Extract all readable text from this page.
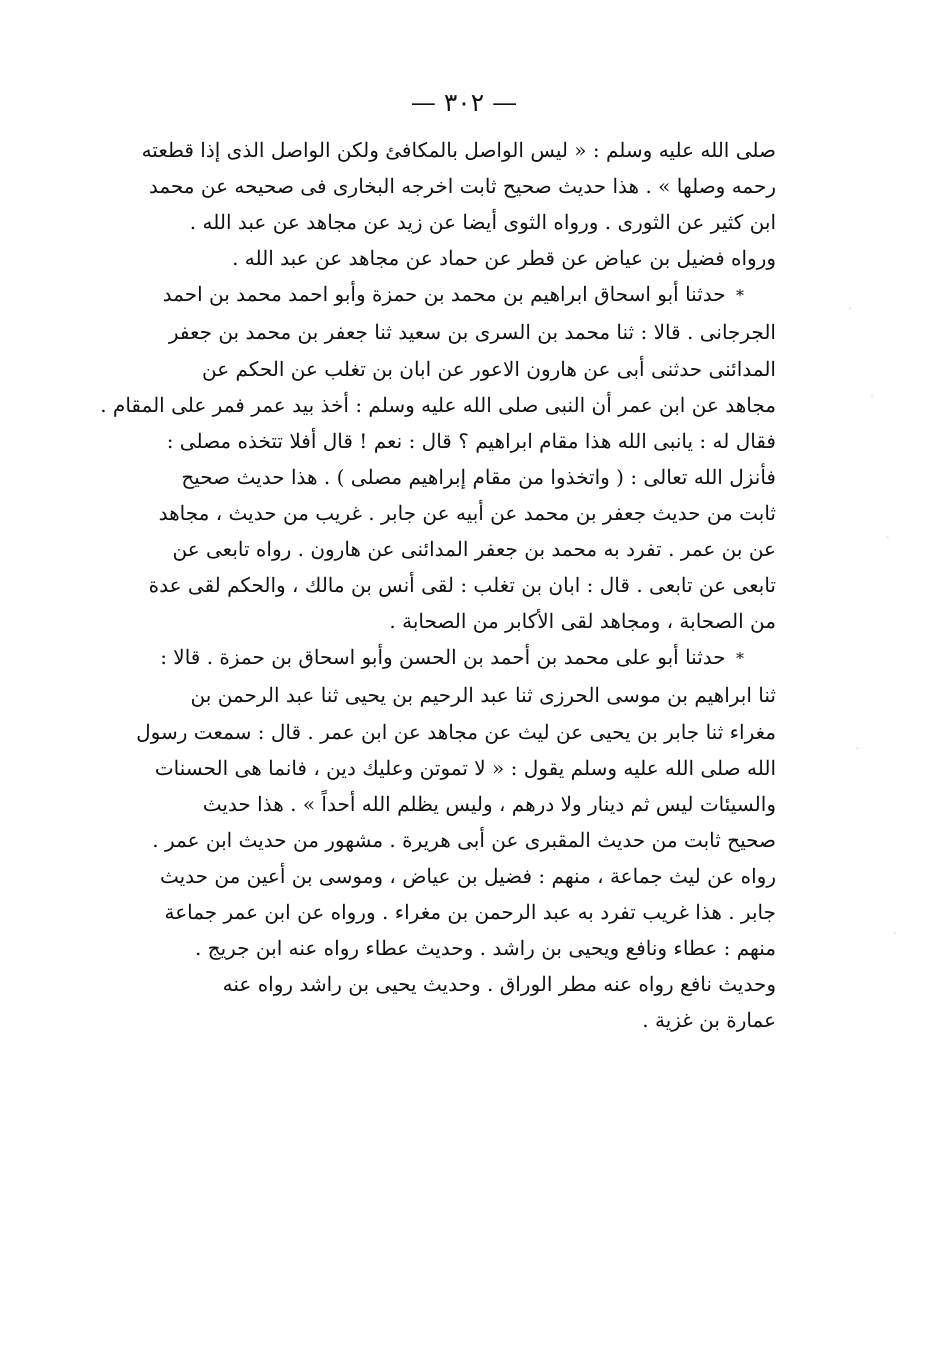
— ٣٠٢ —
صلى الله عليه وسلم : « ليس الواصل بالمكافئ ولكن الواصل الذى إذا قطعته
رحمه وصلها » . هذا حديث صحيح ثابت اخرجه البخارى فى صحيحه عن محمد
ابن كثير عن الثورى . ورواه الثوى أيضا عن زيد عن مجاهد عن عبد الله .
ورواه فضيل بن عياض عن قطر عن حماد عن مجاهد عن عبد الله .
* حدثنا أبو اسحاق ابراهيم بن محمد بن حمزة وأبو احمد محمد بن احمد
الجرجانى . قالا : ثنا محمد بن السرى بن سعيد ثنا جعفر بن محمد بن جعفر
المدائنى حدثنى أبى عن هارون الاعور عن ابان بن تغلب عن الحكم عن
مجاهد عن ابن عمر أن النبى صلى الله عليه وسلم : أخذ بيد عمر فمر على المقام .
فقال له : يانبى الله هذا مقام ابراهيم ؟ قال : نعم ! قال أفلا تتخذه مصلى :
فأنزل الله تعالى : ( واتخذوا من مقام إبراهيم مصلى ) . هذا حديث صحيح
ثابت من حديث جعفر بن محمد عن أبيه عن جابر . غريب من حديث ، مجاهد
عن بن عمر . تفرد به محمد بن جعفر المدائنى عن هارون . رواه تابعى عن
تابعى عن تابعى . قال : ابان بن تغلب : لقى أنس بن مالك ، والحكم لقى عدة
من الصحابة ، ومجاهد لقى الأكابر من الصحابة .
* حدثنا أبو على محمد بن أحمد بن الحسن وأبو اسحاق بن حمزة . قالا :
ثنا ابراهيم بن موسى الحرزى ثنا عبد الرحيم بن يحيى ثنا عبد الرحمن بن
مغراء ثنا جابر بن يحيى عن ليث عن مجاهد عن ابن عمر . قال : سمعت رسول
الله صلى الله عليه وسلم يقول : « لا تموتن وعليك دين ، فانما هى الحسنات
والسيئات ليس ثم دينار ولا درهم ، وليس يظلم الله أحداً » . هذا حديث
صحيح ثابت من حديث المقبرى عن أبى هريرة . مشهور من حديث ابن عمر .
رواه عن ليث جماعة ، منهم : فضيل بن عياض ، وموسى بن أعين من حديث
جابر . هذا غريب تفرد به عبد الرحمن بن مغراء . ورواه عن ابن عمر جماعة
منهم : عطاء ونافع ويحيى بن راشد . وحديث عطاء رواه عنه ابن جريج .
وحديث نافع رواه عنه مطر الوراق . وحديث يحيى بن راشد رواه عنه
عمارة بن غزية .
